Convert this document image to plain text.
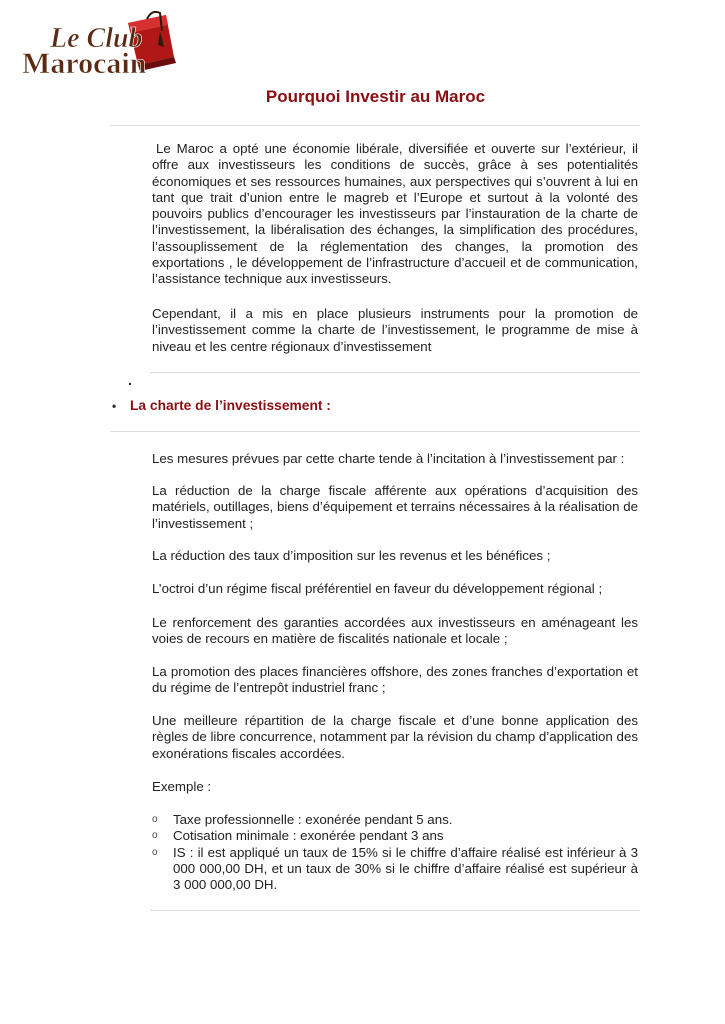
Le Club
Marocain
Pourquoi Investir au Maroc
Le Maroc a opté une économie libérale, diversifiée et ouverte sur l’extérieur, il offre aux investisseurs les conditions de succès, grâce à ses potentialités économiques et ses ressources humaines, aux perspectives qui s’ouvrent à lui en tant que trait d’union entre le magreb et l’Europe et surtout à la volonté des pouvoirs publics d’encourager les investisseurs par l’instauration de la charte de l’investissement, la libéralisation des échanges, la simplification des procédures, l’assouplissement de la réglementation des changes, la promotion des exportations , le développement de l’infrastructure d’accueil et de communication, l’assistance technique aux investisseurs.
Cependant, il a mis en place plusieurs instruments pour la promotion de l’investissement comme la charte de l’investissement, le programme de mise à niveau et les centre régionaux d’investissement
.
• La charte de l’investissement :
Les mesures prévues par cette charte tende à l’incitation à l’investissement par :
La réduction de la charge fiscale afférente aux opérations d’acquisition des matériels, outillages, biens d’équipement et terrains nécessaires à la réalisation de l’investissement ;
La réduction des taux d’imposition sur les revenus et les bénéfices ;
L’octroi d’un régime fiscal préférentiel en faveur du développement régional ;
Le renforcement des garanties accordées aux investisseurs en aménageant les voies de recours en matière de fiscalités nationale et locale ;
La promotion des places financières offshore, des zones franches d’exportation et du régime de l’entrepôt industriel franc ;
Une meilleure répartition de la charge fiscale et d’une bonne application des règles de libre concurrence, notamment par la révision du champ d’application des exonérations fiscales accordées.
Exemple :
o Taxe professionnelle : exonérée pendant 5 ans.
o Cotisation minimale : exonérée pendant 3 ans
o IS : il est appliqué un taux de 15% si le chiffre d’affaire réalisé est inférieur à 3 000 000,00 DH, et un taux de 30% si le chiffre d’affaire réalisé est supérieur à 3 000 000,00 DH.
